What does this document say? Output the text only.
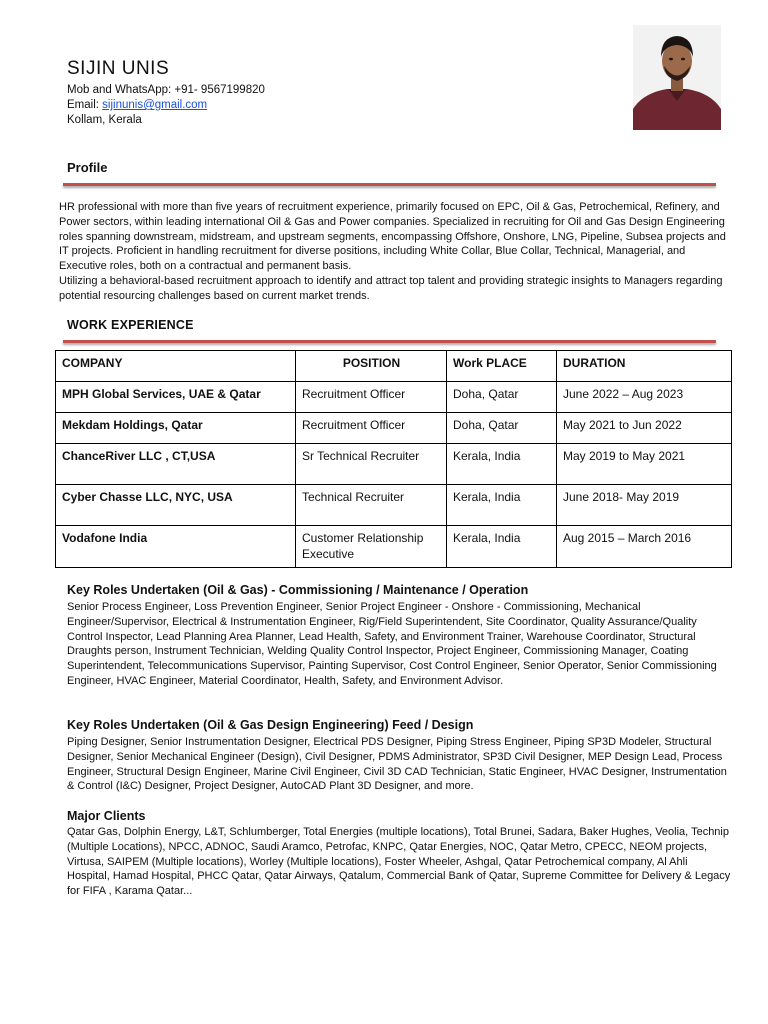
SIJIN UNIS
Mob and WhatsApp: +91- 9567199820
Email: sijinunis@gmail.com
Kollam, Kerala
Profile
HR professional with more than five years of recruitment experience, primarily focused on EPC, Oil & Gas, Petrochemical, Refinery, and Power sectors, within leading international Oil & Gas and Power companies. Specialized in recruiting for Oil and Gas Design Engineering roles spanning downstream, midstream, and upstream segments, encompassing Offshore, Onshore, LNG, Pipeline, Subsea projects and IT projects. Proficient in handling recruitment for diverse positions, including White Collar, Blue Collar, Technical, Managerial, and Executive roles, both on a contractual and permanent basis.
Utilizing a behavioral-based recruitment approach to identify and attract top talent and providing strategic insights to Managers regarding potential resourcing challenges based on current market trends.
WORK EXPERIENCE
COMPANY	POSITION	Work PLACE	DURATION
MPH Global Services, UAE & Qatar	Recruitment Officer	Doha, Qatar	June 2022 – Aug 2023
Mekdam Holdings, Qatar	Recruitment Officer	Doha, Qatar	May 2021 to Jun 2022
ChanceRiver LLC , CT,USA	Sr Technical Recruiter	Kerala, India	May 2019 to May 2021
Cyber Chasse LLC, NYC, USA	Technical Recruiter	Kerala, India	June 2018- May 2019
Vodafone India	Customer Relationship Executive	Kerala, India	Aug 2015 – March 2016
Key Roles Undertaken (Oil & Gas) - Commissioning / Maintenance / Operation
Senior Process Engineer, Loss Prevention Engineer, Senior Project Engineer - Onshore - Commissioning, Mechanical Engineer/Supervisor, Electrical & Instrumentation Engineer, Rig/Field Superintendent, Site Coordinator, Quality Assurance/Quality Control Inspector, Lead Planning Area Planner, Lead Health, Safety, and Environment Trainer, Warehouse Coordinator, Structural Draughts person, Instrument Technician, Welding Quality Control Inspector, Project Engineer, Commissioning Manager, Coating Superintendent, Telecommunications Supervisor, Painting Supervisor, Cost Control Engineer, Senior Operator, Senior Commissioning Engineer, HVAC Engineer, Material Coordinator, Health, Safety, and Environment Advisor.
Key Roles Undertaken (Oil & Gas Design Engineering) Feed / Design
Piping Designer, Senior Instrumentation Designer, Electrical PDS Designer, Piping Stress Engineer, Piping SP3D Modeler, Structural Designer, Senior Mechanical Engineer (Design), Civil Designer, PDMS Administrator, SP3D Civil Designer, MEP Design Lead, Process Engineer, Structural Design Engineer, Marine Civil Engineer, Civil 3D CAD Technician, Static Engineer, HVAC Designer, Instrumentation & Control (I&C) Designer, Project Designer, AutoCAD Plant 3D Designer, and more.
Major Clients
Qatar Gas, Dolphin Energy, L&T, Schlumberger, Total Energies (multiple locations), Total Brunei, Sadara, Baker Hughes, Veolia, Technip (Multiple Locations), NPCC, ADNOC, Saudi Aramco, Petrofac, KNPC, Qatar Energies, NOC, Qatar Metro, CPECC, NEOM projects, Virtusa, SAIPEM (Multiple locations), Worley (Multiple locations), Foster Wheeler, Ashgal, Qatar Petrochemical company, Al Ahli Hospital, Hamad Hospital, PHCC Qatar, Qatar Airways, Qatalum, Commercial Bank of Qatar, Supreme Committee for Delivery & Legacy for FIFA , Karama Qatar...
